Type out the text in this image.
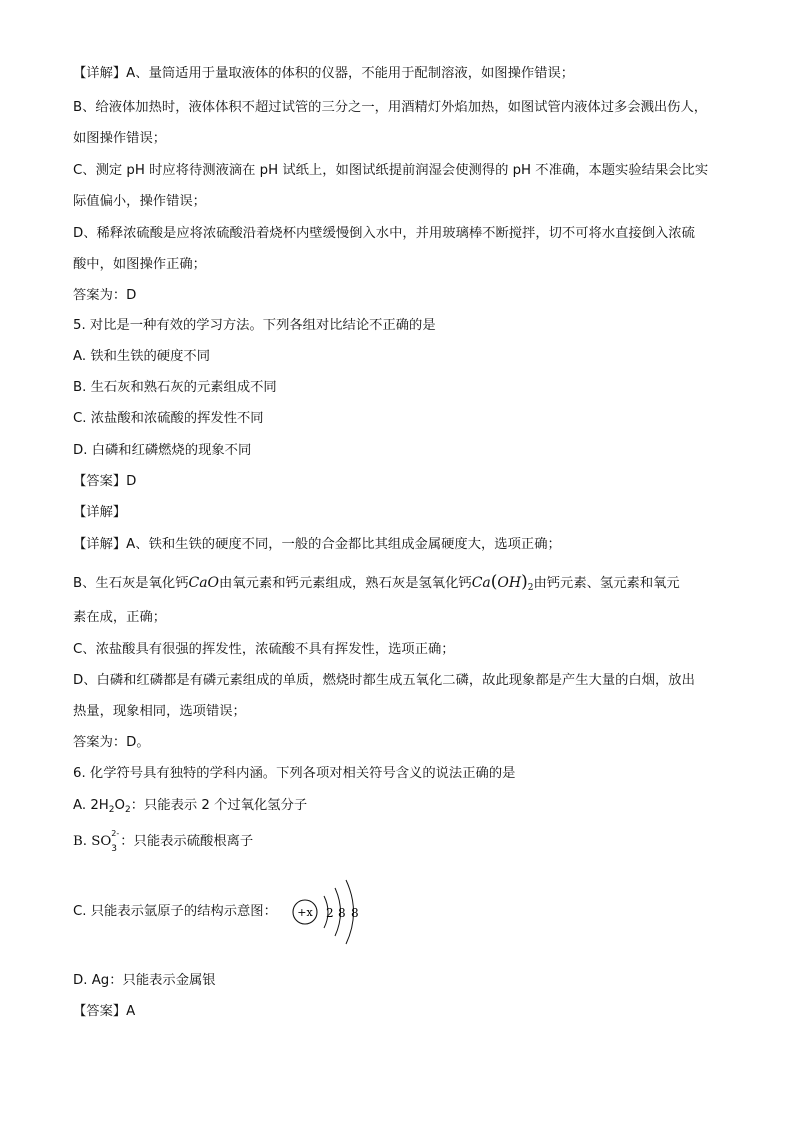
【详解】A、量筒适用于量取液体的体积的仪器，不能用于配制溶液，如图操作错误；
B、给液体加热时，液体体积不超过试管的三分之一，用酒精灯外焰加热，如图试管内液体过多会溅出伤人，
如图操作错误；
C、测定 pH 时应将待测液滴在 pH 试纸上，如图试纸提前润湿会使测得的 pH 不准确，本题实验结果会比实
际值偏小，操作错误；
D、稀释浓硫酸是应将浓硫酸沿着烧杯内壁缓慢倒入水中，并用玻璃棒不断搅拌，切不可将水直接倒入浓硫
酸中，如图操作正确；
答案为：D
5. 对比是一种有效的学习方法。下列各组对比结论不正确的是
A. 铁和生铁的硬度不同
B. 生石灰和熟石灰的元素组成不同
C. 浓盐酸和浓硫酸的挥发性不同
D. 白磷和红磷燃烧的现象不同
【答案】D
【详解】
【详解】A、铁和生铁的硬度不同，一般的合金都比其组成金属硬度大，选项正确；
B、生石灰是氧化钙CaO由氧元素和钙元素组成，熟石灰是氢氧化钙$Ca(OH)_2$由钙元素、氢元素和氧元
素在成，正确；
C、浓盐酸具有很强的挥发性，浓硫酸不具有挥发性，选项正确；
D、白磷和红磷都是有磷元素组成的单质，燃烧时都生成五氧化二磷，故此现象都是产生大量的白烟，放出
热量，现象相同，选项错误；
答案为：D。
6. 化学符号具有独特的学科内涵。下列各项对相关符号含义的说法正确的是
A. $2H_2O_2$：只能表示 2 个过氧化氢分子
B. SO 3
2-
：只能表示硫酸根离子
C. 只能表示氩原子的结构示意图： +x 2 8 8
D. Ag：只能表示金属银
【答案】A
